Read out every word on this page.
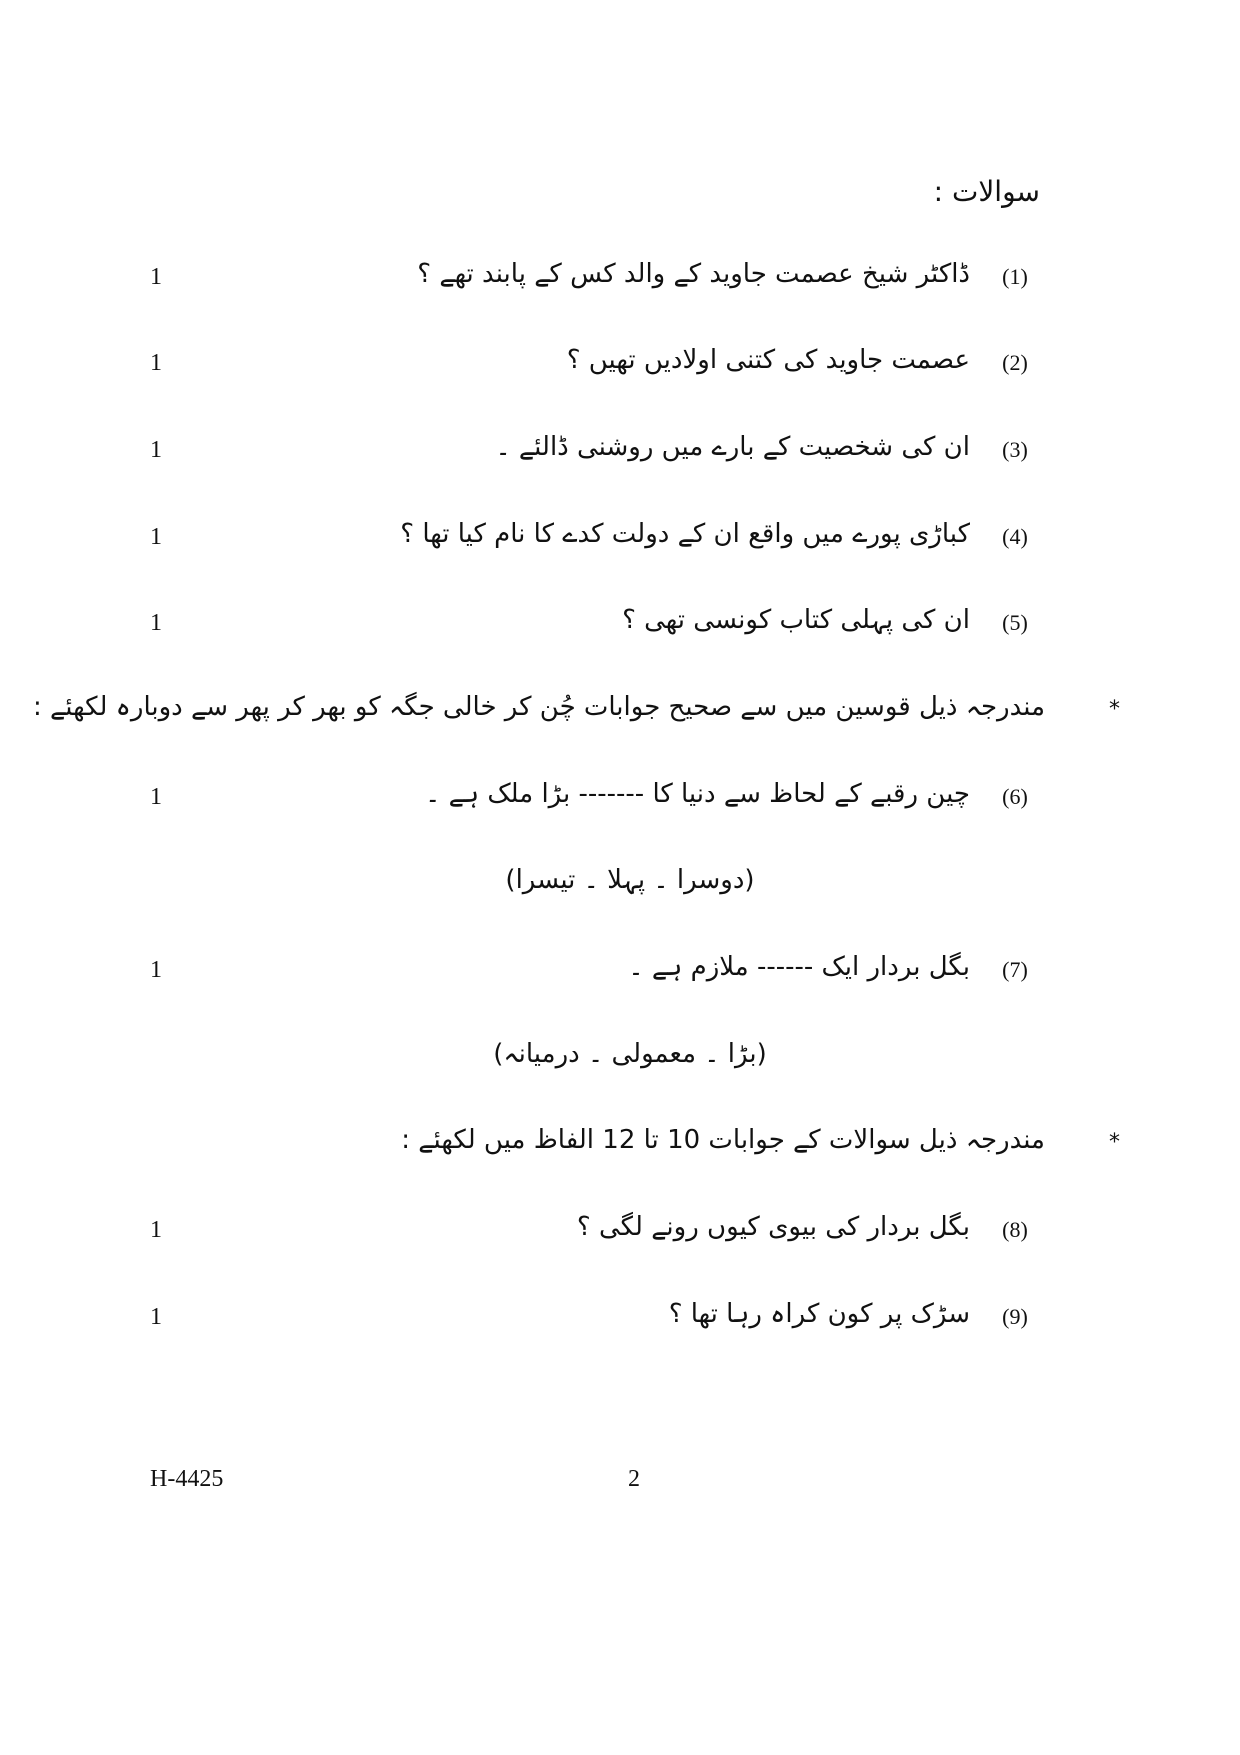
سوالات :
(1)
ڈاکٹر شیخ عصمت جاوید کے والد کس کے پابند تھے ؟
1
(2)
عصمت جاوید کی کتنی اولادیں تھیں ؟
1
(3)
ان کی شخصیت کے بارے میں روشنی ڈالئے ۔
1
(4)
کباڑی پورے میں واقع ان کے دولت کدے کا نام کیا تھا ؟
1
(5)
ان کی پہلی کتاب کونسی تھی ؟
1
*
مندرجہ ذیل قوسین میں سے صحیح جوابات چُن کر خالی جگہ کو بھر کر پھر سے دوبارہ لکھئے :
(6)
چین رقبے کے لحاظ سے دنیا کا ------- بڑا ملک ہے ۔
1
(دوسرا ۔ پہلا ۔ تیسرا)
(7)
بگل بردار ایک ------ ملازم ہے ۔
1
(بڑا ۔ معمولی ۔ درمیانہ)
*
مندرجہ ذیل سوالات کے جوابات 10 تا 12 الفاظ میں لکھئے :
(8)
بگل بردار کی بیوی کیوں رونے لگی ؟
1
(9)
سڑک پر کون کراہ رہا تھا ؟
1
H-4425	2
